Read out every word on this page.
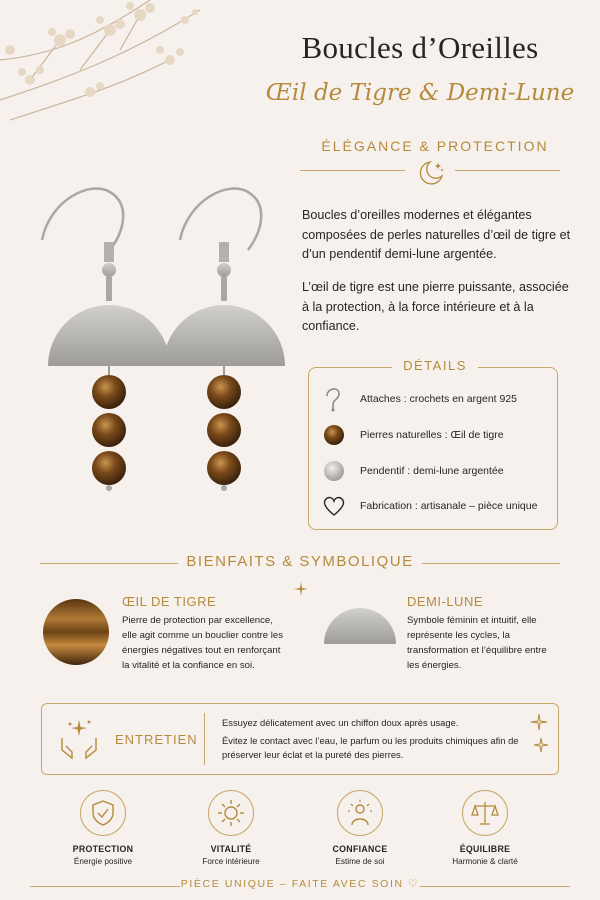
Boucles d’Oreilles
Œil de Tigre & Demi-Lune
ÉLÉGANCE & PROTECTION
Boucles d’oreilles modernes et élégantes composées de perles naturelles d’œil de tigre et d’un pendentif demi-lune argentée.
L’œil de tigre est une pierre puissante, associée à la protection, à la force intérieure et à la confiance.
DÉTAILS
Attaches : crochets en argent 925
Pierres naturelles : Œil de tigre
Pendentif : demi-lune argentée
Fabrication : artisanale – pièce unique
BIENFAITS & SYMBOLIQUE
ŒIL DE TIGRE
Pierre de protection par excellence, elle agit comme un bouclier contre les énergies négatives tout en renforçant la vitalité et la confiance en soi.
DEMI-LUNE
Symbole féminin et intuitif, elle représente les cycles, la transformation et l’équilibre entre les énergies.
ENTRETIEN
Essuyez délicatement avec un chiffon doux après usage.
Évitez le contact avec l’eau, le parfum ou les produits chimiques afin de préserver leur éclat et la pureté des pierres.
PROTECTION
Énergie positive
VITALITÉ
Force intérieure
CONFIANCE
Estime de soi
ÉQUILIBRE
Harmonie & clarté
PIÈCE UNIQUE – FAITE AVEC SOIN ♡
